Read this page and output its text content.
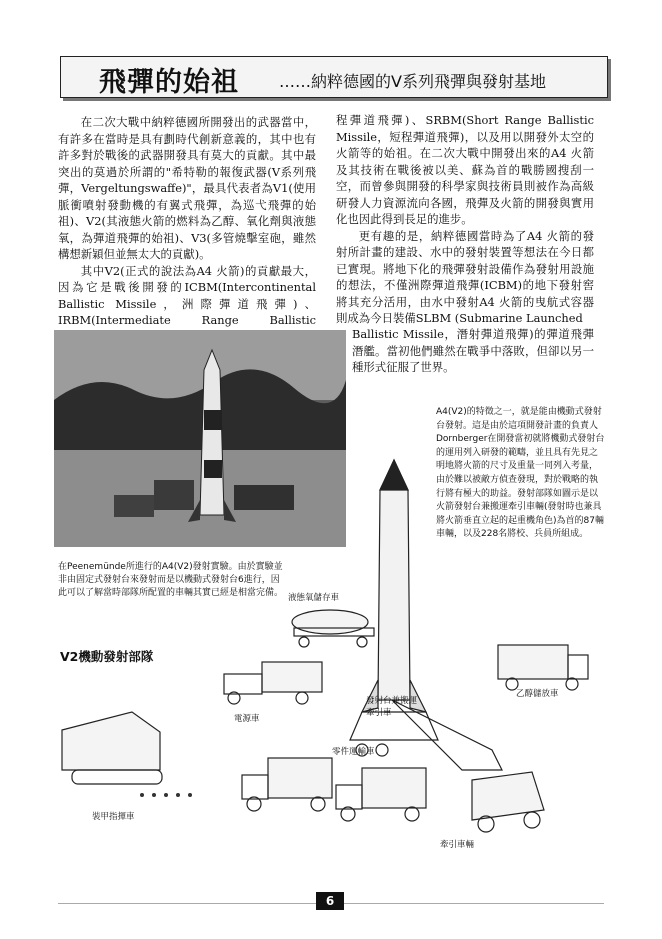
飛彈的始祖	……納粹德國的V系列飛彈與發射基地

在二次大戰中納粹德國所開發出的武器當中，有許多在當時是具有劃時代創新意義的，其中也有許多對於戰後的武器開發具有莫大的貢獻。其中最突出的莫過於所謂的"希特勒的報復武器(V系列飛彈，Vergeltungswaffe)"，最具代表者為V1(使用脈衝噴射發動機的有翼式飛彈，為巡弋飛彈的始祖)、V2(其液態火箭的燃料為乙醇、氧化劑與液態氧，為彈道飛彈的始祖)、V3(多管燒擊室砲，雖然構想新穎但並無太大的貢獻)。

其中V2(正式的說法為A4 火箭)的貢獻最大，因為它是戰後開發的ICBM(Intercontinental Ballistic Missile，洲際彈道飛彈)、IRBM(Intermediate Range Ballistic

程彈道飛彈)、SRBM(Short Range Ballistic Missile，短程彈道飛彈)，以及用以開發外太空的火箭等的始祖。在二次大戰中開發出來的A4 火箭及其技術在戰後被以美、蘇為首的戰勝國搜刮一空，而曾參與開發的科學家與技術員則被作為高級研發人力資源流向各國，飛彈及火箭的開發與實用化也因此得到長足的進步。

更有趣的是，納粹德國當時為了A4 火箭的發射所計畫的建設、水中的發射裝置等想法在今日都已實現。將地下化的飛彈發射設備作為發射用設施的想法，不僅洲際彈道飛彈(ICBM)的地下發射窖將其充分活用，由水中發射A4 火箭的曳航式容器則成為今日裝備SLBM (Submarine Launched

Ballistic Missile，潛射彈道飛彈)的彈道飛彈潛艦。當初他們雖然在戰爭中落敗，但卻以另一種形式征服了世界。

在Peenemünde所進行的A4(V2)發射實驗。由於實驗並非由固定式發射台來發射而是以機動式發射台6進行，因此可以了解當時部隊所配置的車輛其實已經是相當完備。
A4(V2)的特徵之一，就是能由機動式發射台發射。這是由於這項開發計畫的負責人Dornberger在開發當初就將機動式發射台的運用列入研發的範疇，並且具有先見之明地將火箭的尺寸及重量一同列入考量，由於難以被敵方偵查發現，對於戰略的執行將有極大的助益。發射部隊如圖示是以火箭發射台兼搬運牽引車輛(發射時也兼具將火箭垂直立起的起重機角色)為首的87輛車輛，以及228名將校、兵員所組成。
V2機動發射部隊
液態氧儲存車
電源車
發射台兼搬運牽引車
乙醇儲放車
零件運輸車
裝甲指揮車
牽引車輛
6
